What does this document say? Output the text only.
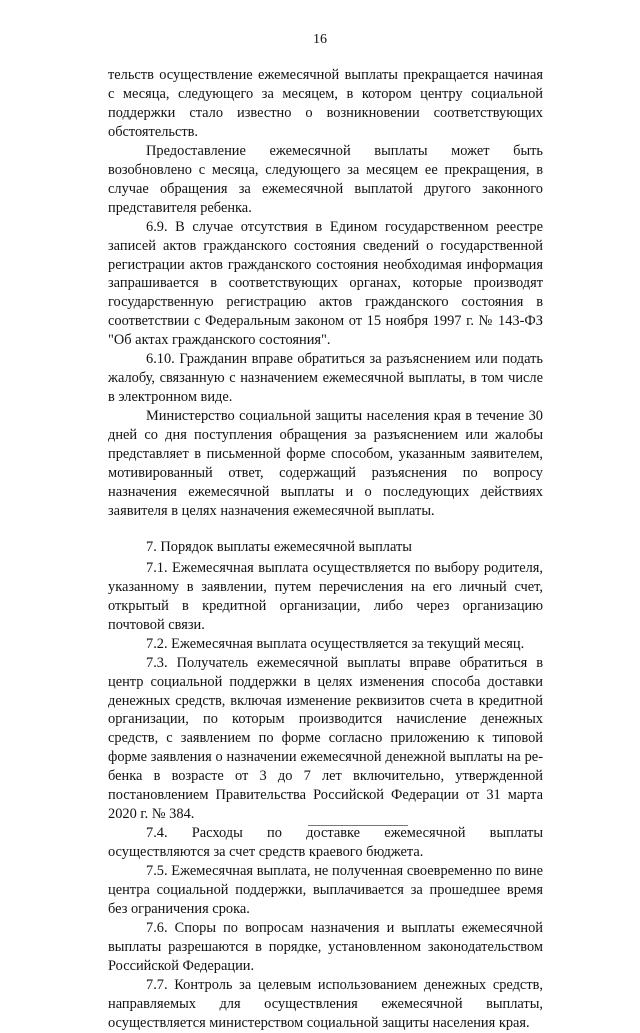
16

тельств осуществление ежемесячной выплаты прекращается начиная с месяца, следующего за месяцем, в котором центру социальной поддержки стало известно о возникновении соответствующих обстоятельств.

Предоставление ежемесячной выплаты может быть возобновлено с месяца, следующего за месяцем ее прекращения, в случае обращения за ежемесячной выплатой другого законного представителя ребенка.

6.9. В случае отсутствия в Едином государственном реестре записей актов гражданского состояния сведений о государственной регистрации актов гражданского состояния необходимая информация запрашивается в соответствующих органах, которые производят государственную регистрацию актов гражданского состояния в соответствии с Федеральным законом от 15 ноября 1997 г. № 143-ФЗ "Об актах гражданского состояния".

6.10. Гражданин вправе обратиться за разъяснением или подать жалобу, связанную с назначением ежемесячной выплаты, в том числе в электронном виде.

Министерство социальной защиты населения края в течение 30 дней со дня поступления обращения за разъяснением или жалобы представляет в письменной форме способом, указанным заявителем, мотивированный ответ, содержащий разъяснения по вопросу назначения ежемесячной выплаты и о последующих действиях заявителя в целях назначения ежемесячной выплаты.

7. Порядок выплаты ежемесячной выплаты

7.1. Ежемесячная выплата осуществляется по выбору родителя, указанному в заявлении, путем перечисления на его личный счет, открытый в кредитной организации, либо через организацию почтовой связи.

7.2. Ежемесячная выплата осуществляется за текущий месяц.

7.3. Получатель ежемесячной выплаты вправе обратиться в центр социальной поддержки в целях изменения способа доставки денежных средств, включая изменение реквизитов счета в кредитной организации, по которым производится начисление денежных средств, с заявлением по форме согласно приложению к типовой форме заявления о назначении ежемесячной денежной выплаты на ребенка в возрасте от 3 до 7 лет включительно, утвержденной постановлением Правительства Российской Федерации от 31 марта 2020 г. № 384.

7.4. Расходы по доставке ежемесячной выплаты осуществляются за счет средств краевого бюджета.

7.5. Ежемесячная выплата, не полученная своевременно по вине центра социальной поддержки, выплачивается за прошедшее время без ограничения срока.

7.6. Споры по вопросам назначения и выплаты ежемесячной выплаты разрешаются в порядке, установленном законодательством Российской Федерации.

7.7. Контроль за целевым использованием денежных средств, направляемых для осуществления ежемесячной выплаты, осуществляется министерством социальной защиты населения края.
